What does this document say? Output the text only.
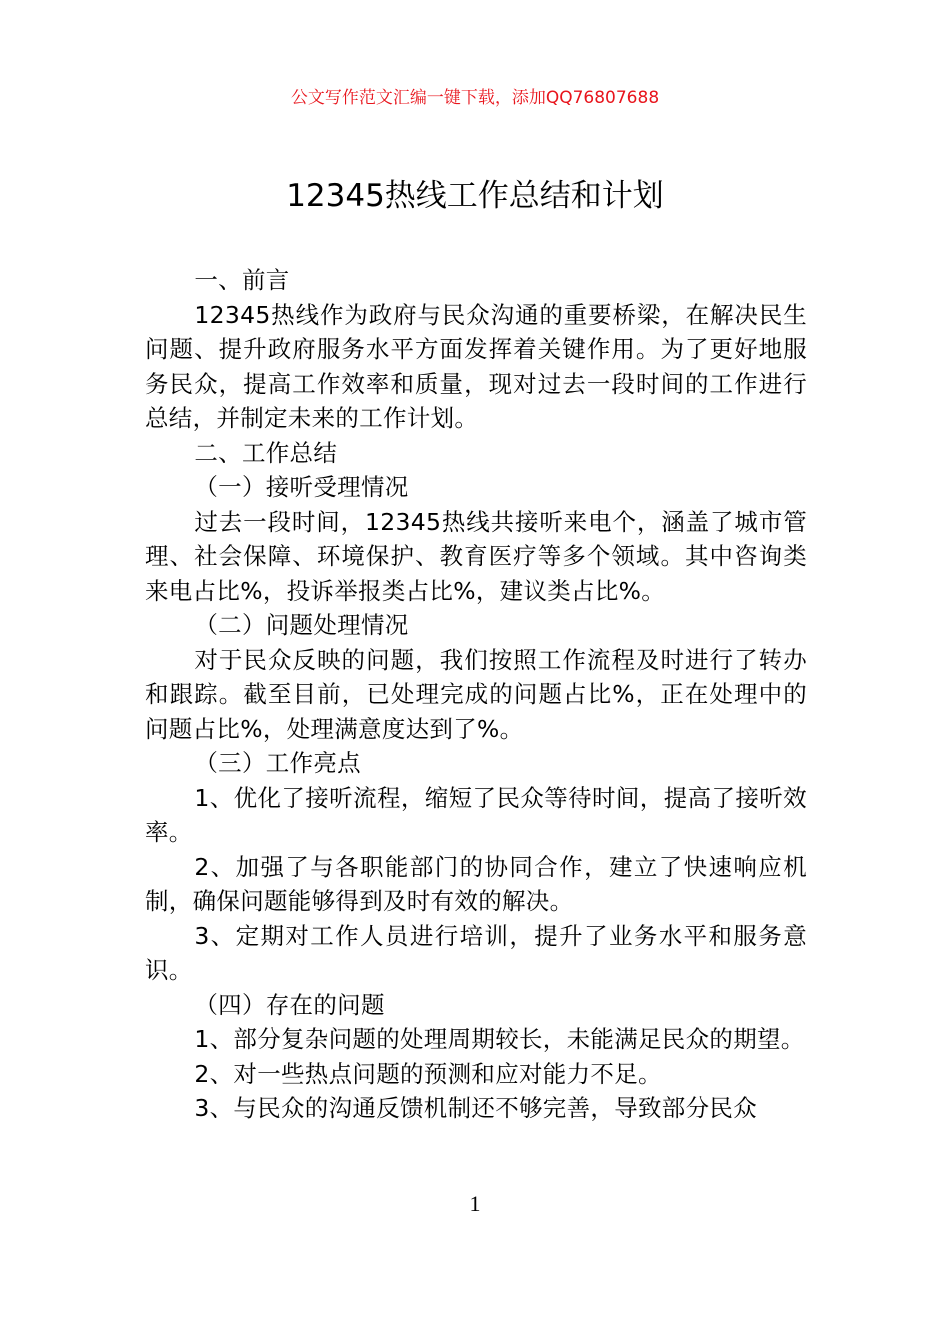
公文写作范文汇编一键下载，添加QQ76807688
12345热线工作总结和计划

一、前言

12345热线作为政府与民众沟通的重要桥梁，在解决民生问题、提升政府服务水平方面发挥着关键作用。为了更好地服务民众，提高工作效率和质量，现对过去一段时间的工作进行总结，并制定未来的工作计划。

二、工作总结

（一）接听受理情况

过去一段时间，12345热线共接听来电个，涵盖了城市管理、社会保障、环境保护、教育医疗等多个领域。其中咨询类来电占比%，投诉举报类占比%，建议类占比%。

（二）问题处理情况

对于民众反映的问题，我们按照工作流程及时进行了转办和跟踪。截至目前，已处理完成的问题占比%，正在处理中的问题占比%，处理满意度达到了%。

（三）工作亮点

1、优化了接听流程，缩短了民众等待时间，提高了接听效率。

2、加强了与各职能部门的协同合作，建立了快速响应机制，确保问题能够得到及时有效的解决。

3、定期对工作人员进行培训，提升了业务水平和服务意识。

（四）存在的问题

1、部分复杂问题的处理周期较长，未能满足民众的期望。

2、对一些热点问题的预测和应对能力不足。

3、与民众的沟通反馈机制还不够完善，导致部分民众

1
